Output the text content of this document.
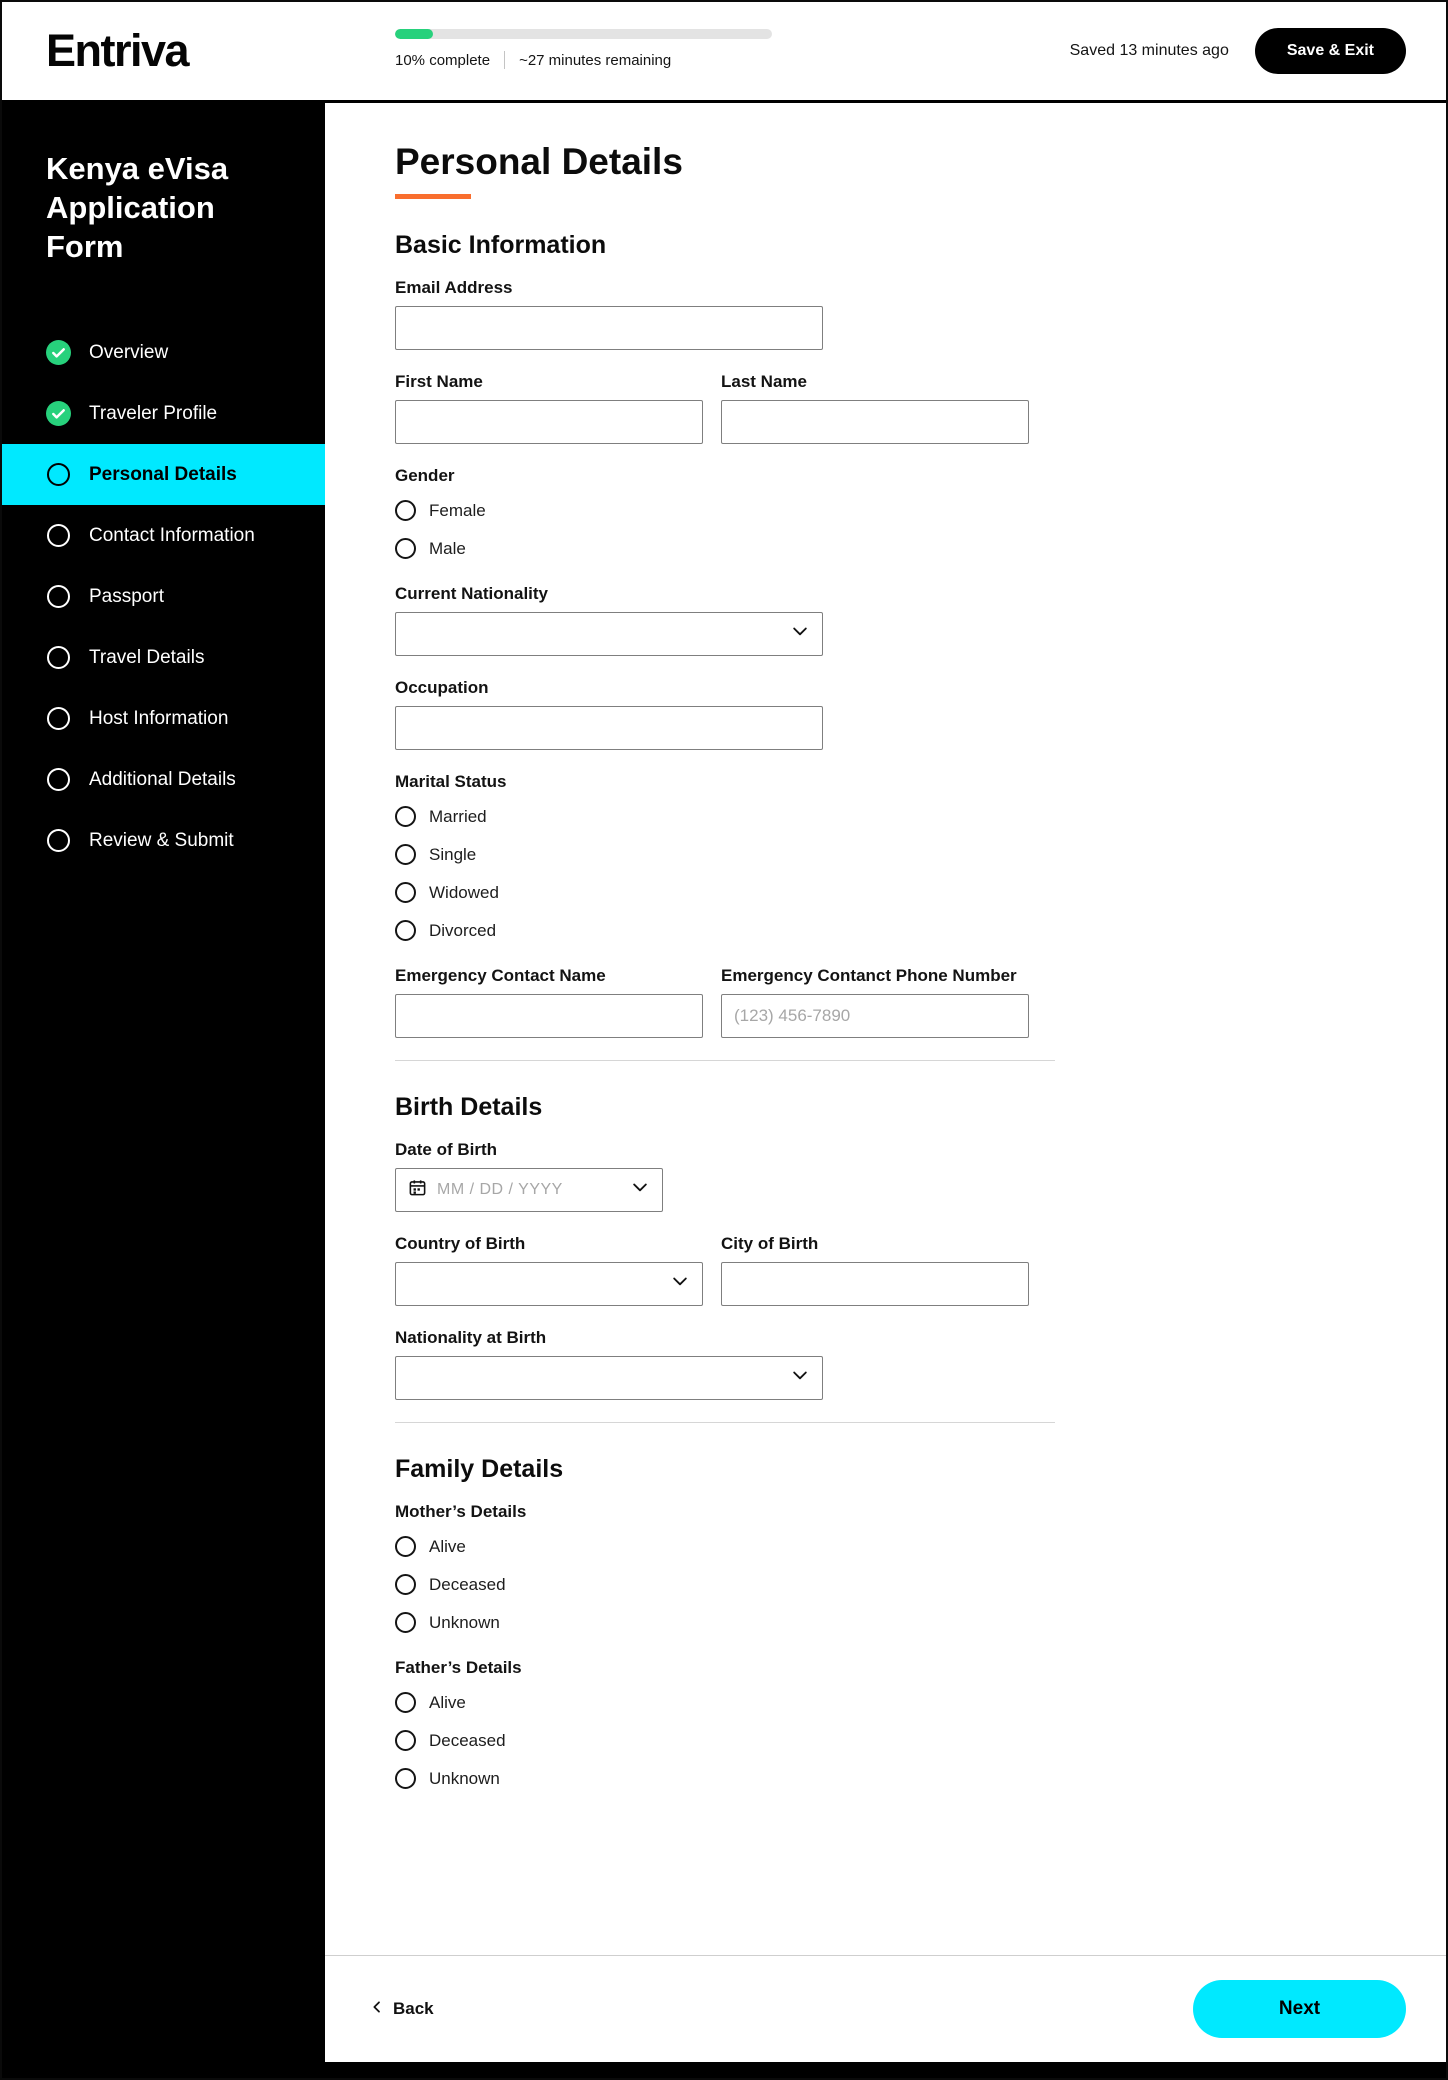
Entriva	10% complete ~27 minutes remaining
Saved 13 minutes ago	Save & Exit
Kenya eVisa Application Form
Overview
Traveler Profile
Personal Details
Contact Information
Passport
Travel Details
Host Information
Additional Details
Review & Submit
Personal Details
Basic Information
Email Address
First Name	Last Name
Gender
Female
Male
Current Nationality
Occupation
Marital Status
Married
Single
Widowed
Divorced
Emergency Contact Name	Emergency Contanct Phone Number
(123) 456-7890
Birth Details
Date of Birth
MM / DD / YYYY
Country of Birth	City of Birth
Nationality at Birth
Family Details
Mother’s Details
Alive
Deceased
Unknown
Father’s Details
Alive
Deceased
Unknown
Back	Next
